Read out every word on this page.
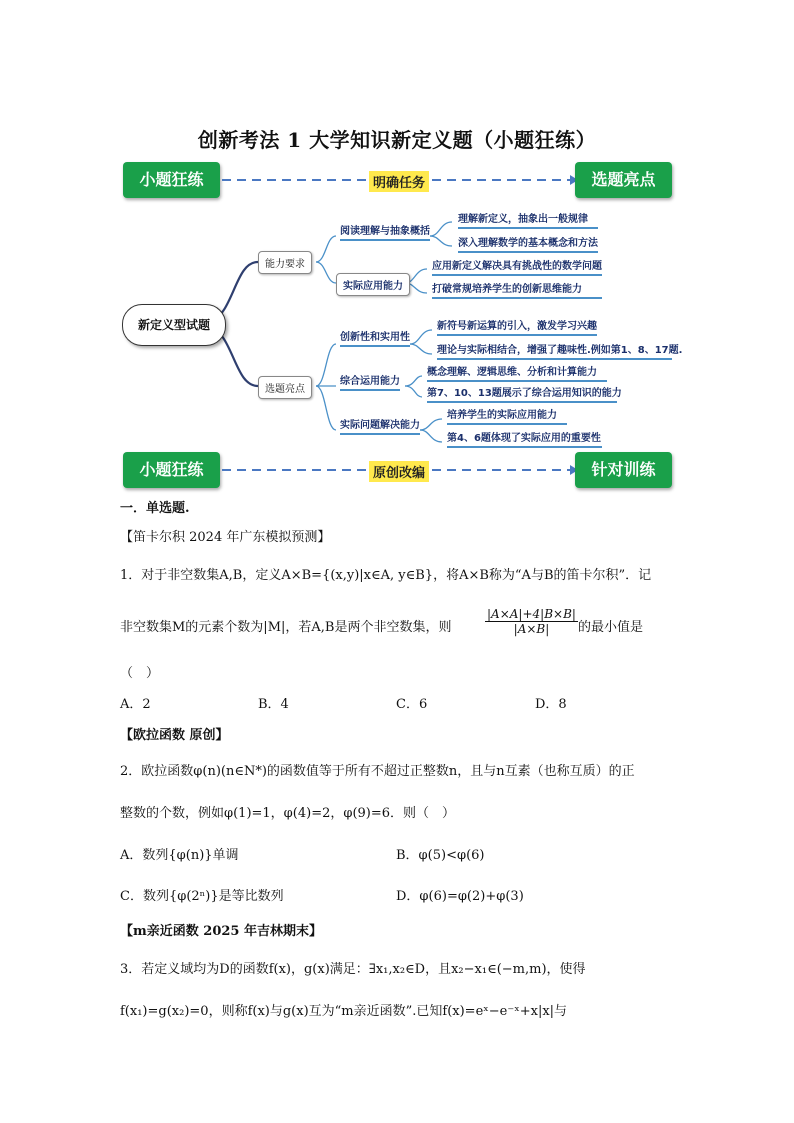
创新考法 1 大学知识新定义题（小题狂练）
小题狂练	明确任务	选题亮点
新定义型试题
能力要求
选题亮点
阅读理解与抽象概括
实际应用能力
创新性和实用性
综合运用能力
实际问题解决能力
理解新定义，抽象出一般规律
深入理解数学的基本概念和方法
应用新定义解决具有挑战性的数学问题
打破常规培养学生的创新思维能力
新符号新运算的引入，激发学习兴趣
理论与实际相结合，增强了趣味性.例如第1、8、17题.
概念理解、逻辑思维、分析和计算能力
第7、10、13题展示了综合运用知识的能力
培养学生的实际应用能力
第4、6题体现了实际应用的重要性
小题狂练	原创改编	针对训练
一．单选题.
【笛卡尔积 2024 年广东模拟预测】
1．对于非空数集A,B，定义A×B={(x,y)|x∈A, y∈B}，将A×B称为“A与B的笛卡尔积”．记
非空数集M的元素个数为|M|，若A,B是两个非空数集，则	$\frac{|A\times A|+4|B\times B|}{|A\times B|}$ 的最小值是
（　）
A．2	B．4	C．6	D．8
【欧拉函数 原创】
2．欧拉函数φ(n)(n∈N*)的函数值等于所有不超过正整数n，且与n互素（也称互质）的正
整数的个数，例如φ(1)=1，φ(4)=2，φ(9)=6．则（　）
A．数列{φ(n)}单调	B．φ(5)<φ(6)
C．数列{φ(2ⁿ)}是等比数列	D．φ(6)=φ(2)+φ(3)
【m亲近函数 2025 年吉林期末】
3．若定义域均为D的函数f(x)，g(x)满足：∃x₁,x₂∈D，且x₂−x₁∈(−m,m)，使得
f(x₁)=g(x₂)=0，则称f(x)与g(x)互为“m亲近函数”.已知f(x)=eˣ−e⁻ˣ+x|x|与
